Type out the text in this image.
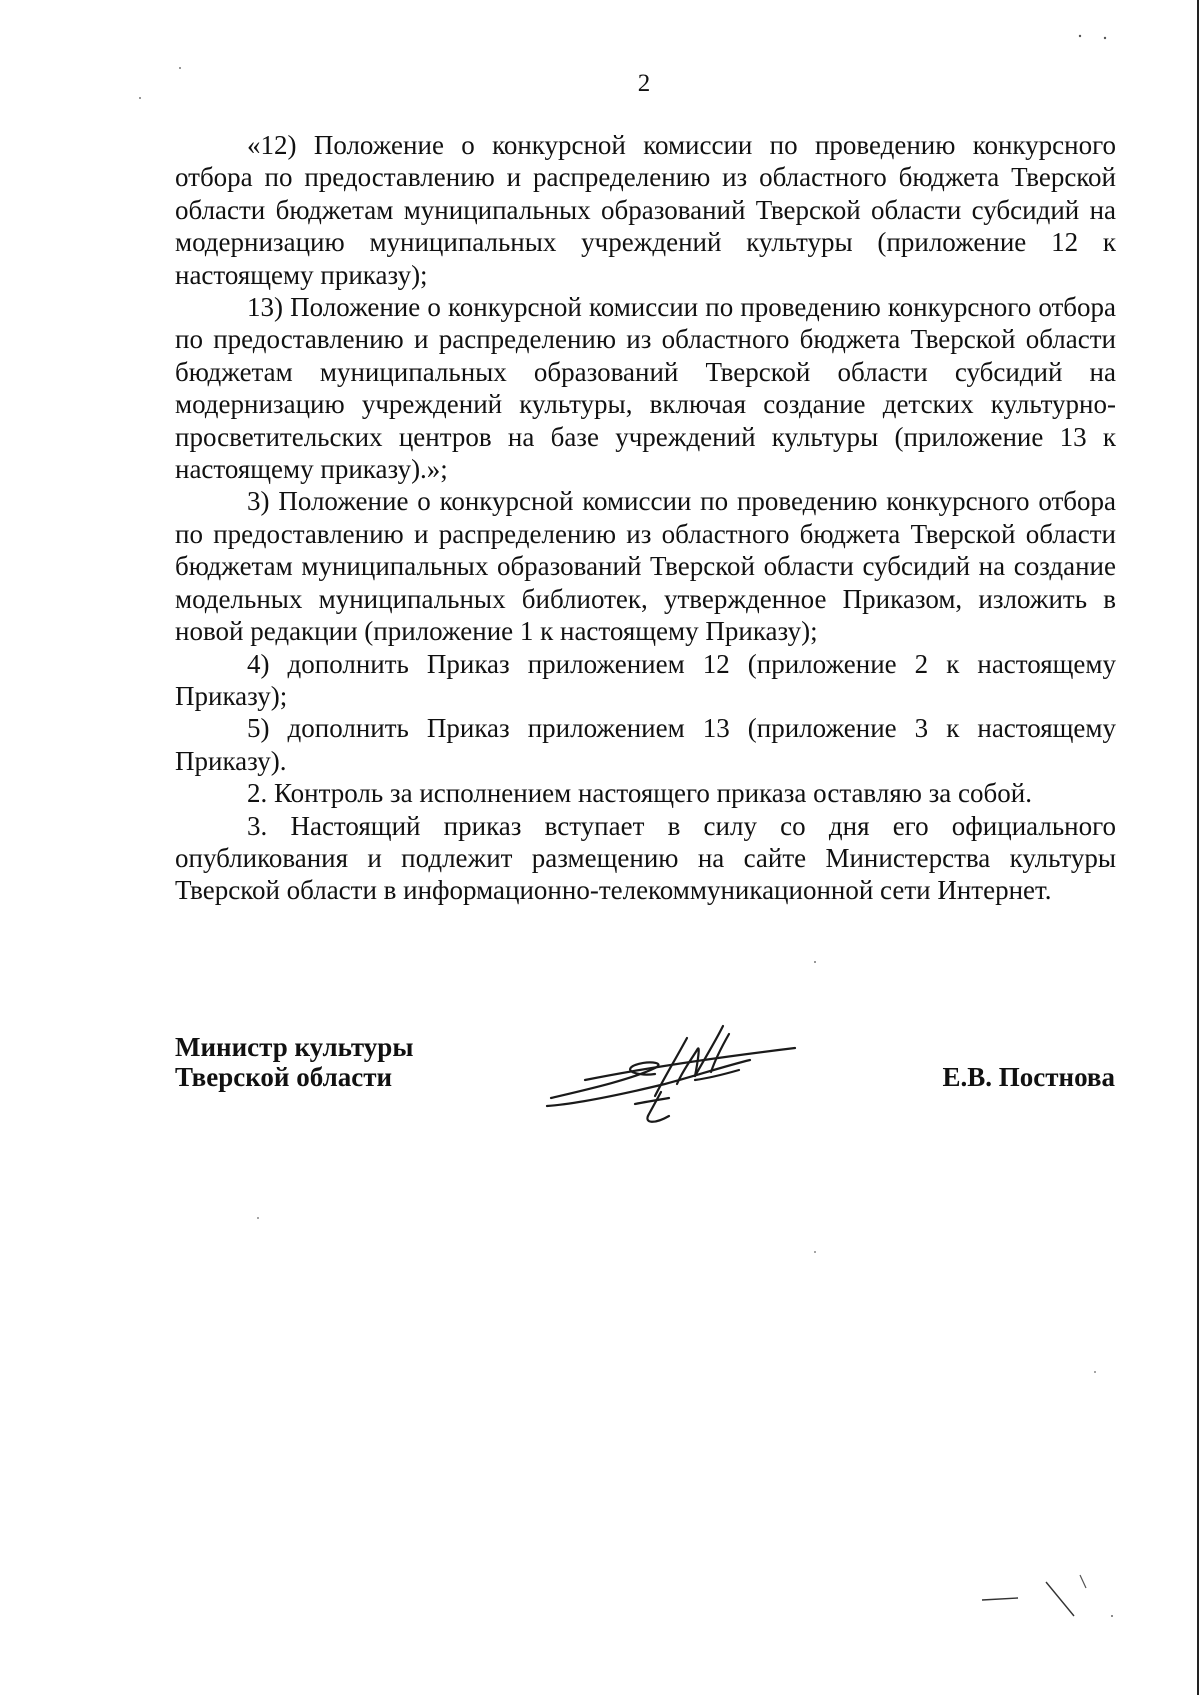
2

«12) Положение о конкурсной комиссии по проведению конкурсного отбора по предоставлению и распределению из областного бюджета Тверской области бюджетам муниципальных образований Тверской области субсидий на модернизацию муниципальных учреждений культуры (приложение 12 к настоящему приказу);

13) Положение о конкурсной комиссии по проведению конкурсного отбора по предоставлению и распределению из областного бюджета Тверской области бюджетам муниципальных образований Тверской области субсидий на модернизацию учреждений культуры, включая создание детских культурно-просветительских центров на базе учреждений культуры (приложение 13 к настоящему приказу).»;

3) Положение о конкурсной комиссии по проведению конкурсного отбора по предоставлению и распределению из областного бюджета Тверской области бюджетам муниципальных образований Тверской области субсидий на создание модельных муниципальных библиотек, утвержденное Приказом, изложить в новой редакции (приложение 1 к настоящему Приказу);

4) дополнить Приказ приложением 12 (приложение 2 к настоящему Приказу);

5) дополнить Приказ приложением 13 (приложение 3 к настоящему Приказу).

2. Контроль за исполнением настоящего приказа оставляю за собой.

3. Настоящий приказ вступает в силу со дня его официального опубликования и подлежит размещению на сайте Министерства культуры Тверской области в информационно-телекоммуникационной сети Интернет.

Министр культуры
Тверской области	Е.В. Постнова
